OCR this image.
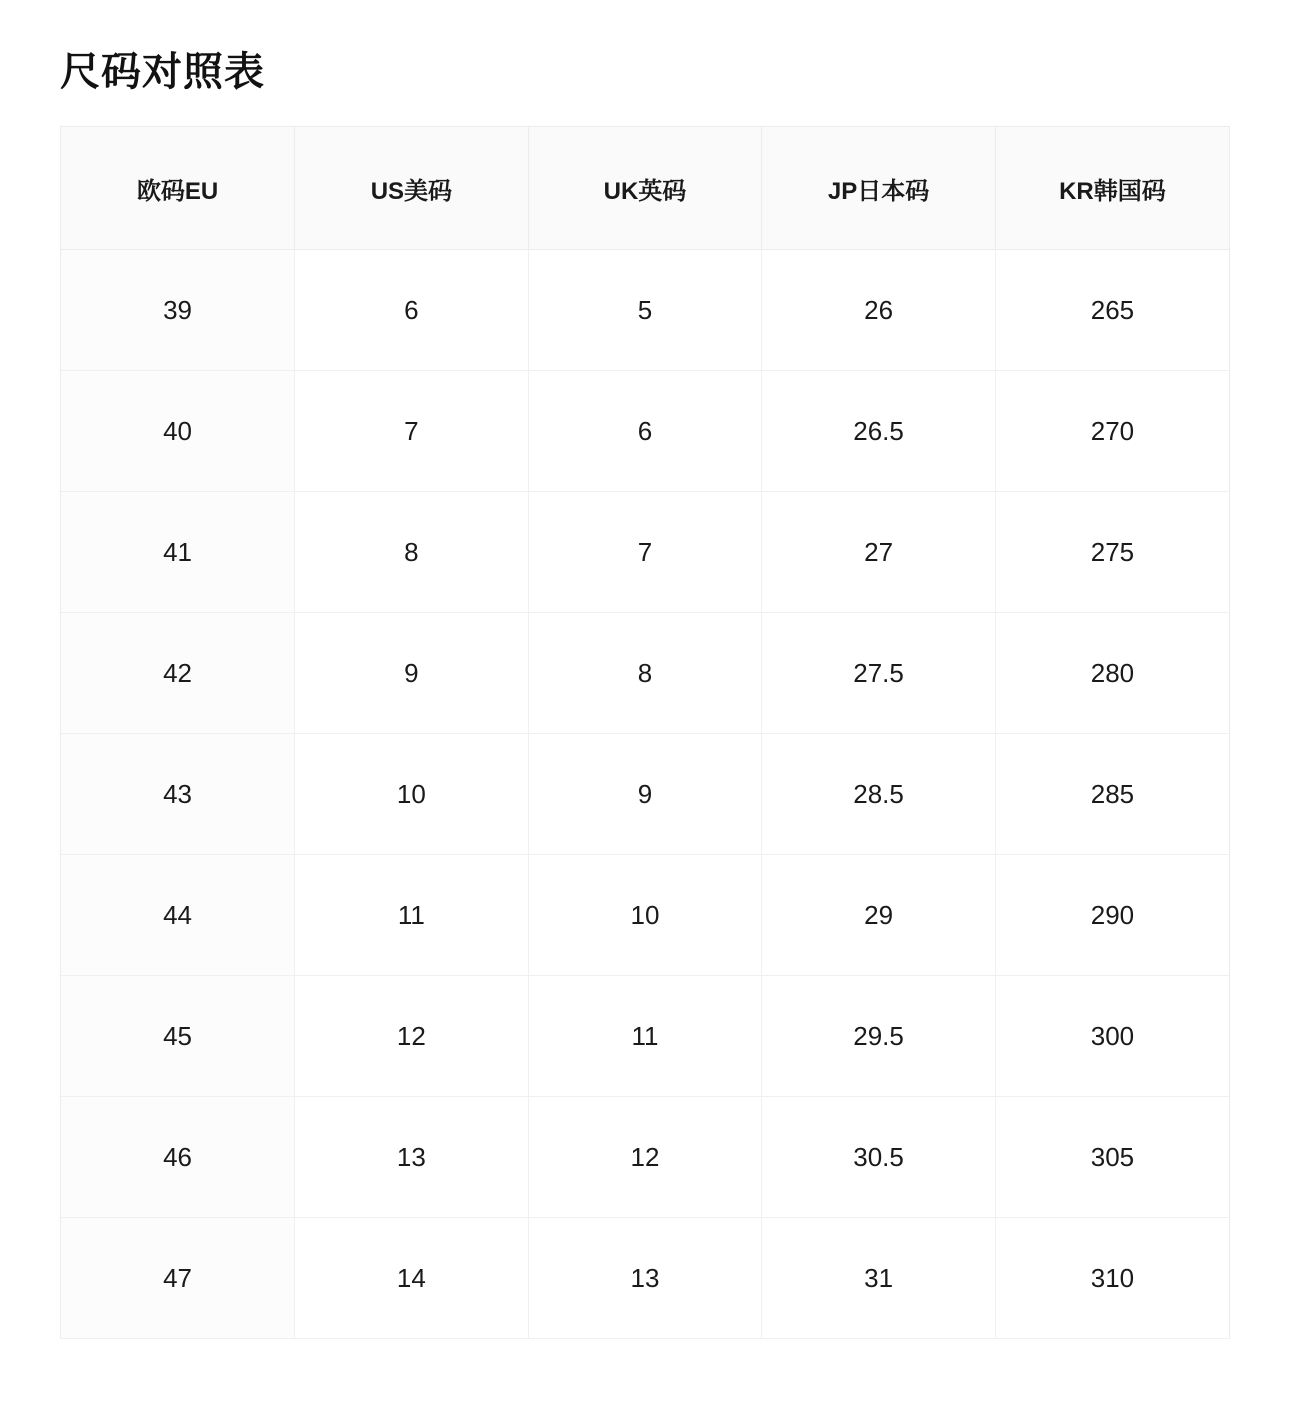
尺码对照表
欧码EU	US美码	UK英码	JP日本码	KR韩国码
39	6	5	26	265
40	7	6	26.5	270
41	8	7	27	275
42	9	8	27.5	280
43	10	9	28.5	285
44	11	10	29	290
45	12	11	29.5	300
46	13	12	30.5	305
47	14	13	31	310
